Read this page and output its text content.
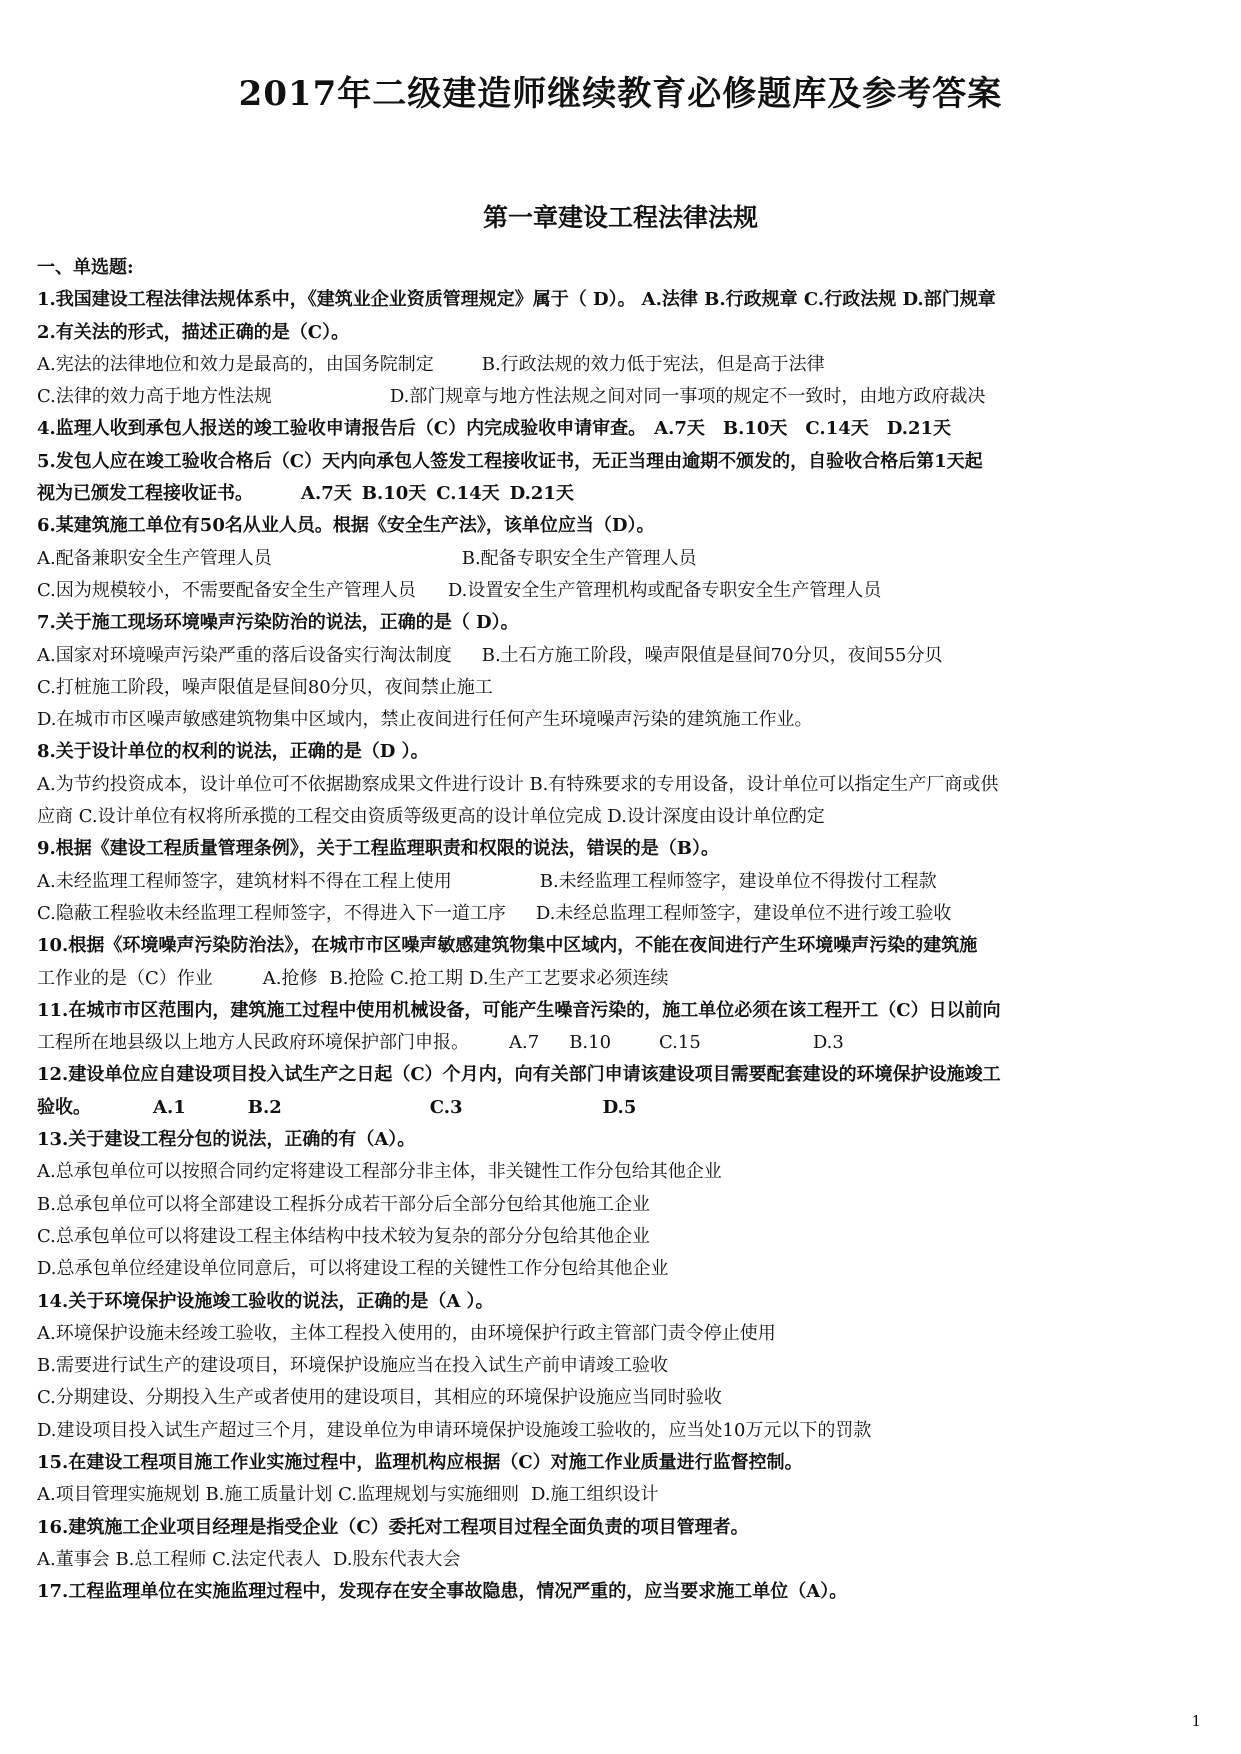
2017年二级建造师继续教育必修题库及参考答案
第一章建设工程法律法规
一、单选题:
1.我国建设工程法律法规体系中，《建筑业企业资质管理规定》属于（ D）。 A.法律 B.行政规章 C.行政法规 D.部门规章
2.有关法的形式，描述正确的是（C）。
A.宪法的法律地位和效力是最高的，由国务院制定	B.行政法规的效力低于宪法，但是高于法律
C.法律的效力高于地方性法规	D.部门规章与地方性法规之间对同一事项的规定不一致时，由地方政府裁决
4.监理人收到承包人报送的竣工验收申请报告后（C）内完成验收申请审查。 A.7天 B.10天 C.14天 D.21天
5.发包人应在竣工验收合格后（C）天内向承包人签发工程接收证书，无正当理由逾期不颁发的，自验收合格后第1天起
视为已颁发工程接收证书。	A.7天 B.10天 C.14天 D.21天
6.某建筑施工单位有50名从业人员。根据《安全生产法》，该单位应当（D）。
A.配备兼职安全生产管理人员	B.配备专职安全生产管理人员
C.因为规模较小，不需要配备安全生产管理人员 D.设置安全生产管理机构或配备专职安全生产管理人员
7.关于施工现场环境噪声污染防治的说法，正确的是（ D）。
A.国家对环境噪声污染严重的落后设备实行淘汰制度 B.土石方施工阶段，噪声限值是昼间70分贝，夜间55分贝
C.打桩施工阶段，噪声限值是昼间80分贝，夜间禁止施工
D.在城市市区噪声敏感建筑物集中区域内，禁止夜间进行任何产生环境噪声污染的建筑施工作业。
8.关于设计单位的权利的说法，正确的是（D ）。
A.为节约投资成本，设计单位可不依据勘察成果文件进行设计 B.有特殊要求的专用设备，设计单位可以指定生产厂商或供
应商 C.设计单位有权将所承揽的工程交由资质等级更高的设计单位完成 D.设计深度由设计单位酌定
9.根据《建设工程质量管理条例》，关于工程监理职责和权限的说法，错误的是（B）。
A.未经监理工程师签字，建筑材料不得在工程上使用	B.未经监理工程师签字，建设单位不得拨付工程款
C.隐蔽工程验收未经监理工程师签字，不得进入下一道工序 D.未经总监理工程师签字，建设单位不进行竣工验收
10.根据《环境噪声污染防治法》，在城市市区噪声敏感建筑物集中区域内，不能在夜间进行产生环境噪声污染的建筑施
工作业的是（C）作业	A.抢修 B.抢险 C.抢工期 D.生产工艺要求必须连续
11.在城市市区范围内，建筑施工过程中使用机械设备，可能产生噪音污染的，施工单位必须在该工程开工（C）日以前向
工程所在地县级以上地方人民政府环境保护部门申报。 A.7 B.10	C.15	D.3
12.建设单位应自建设项目投入试生产之日起（C）个月内，向有关部门申请该建设项目需要配套建设的环境保护设施竣工
验收。	A.1	B.2	C.3	D.5
13.关于建设工程分包的说法，正确的有（A）。
A.总承包单位可以按照合同约定将建设工程部分非主体，非关键性工作分包给其他企业
B.总承包单位可以将全部建设工程拆分成若干部分后全部分包给其他施工企业
C.总承包单位可以将建设工程主体结构中技术较为复杂的部分分包给其他企业
D.总承包单位经建设单位同意后，可以将建设工程的关键性工作分包给其他企业
14.关于环境保护设施竣工验收的说法，正确的是（A ）。
A.环境保护设施未经竣工验收，主体工程投入使用的，由环境保护行政主管部门责令停止使用
B.需要进行试生产的建设项目，环境保护设施应当在投入试生产前申请竣工验收
C.分期建设、分期投入生产或者使用的建设项目，其相应的环境保护设施应当同时验收
D.建设项目投入试生产超过三个月，建设单位为申请环境保护设施竣工验收的，应当处10万元以下的罚款
15.在建设工程项目施工作业实施过程中，监理机构应根据（C）对施工作业质量进行监督控制。
A.项目管理实施规划 B.施工质量计划 C.监理规划与实施细则 D.施工组织设计
16.建筑施工企业项目经理是指受企业（C）委托对工程项目过程全面负责的项目管理者。
A.董事会 B.总工程师 C.法定代表人 D.股东代表大会
17.工程监理单位在实施监理过程中，发现存在安全事故隐患，情况严重的，应当要求施工单位（A）。
1
